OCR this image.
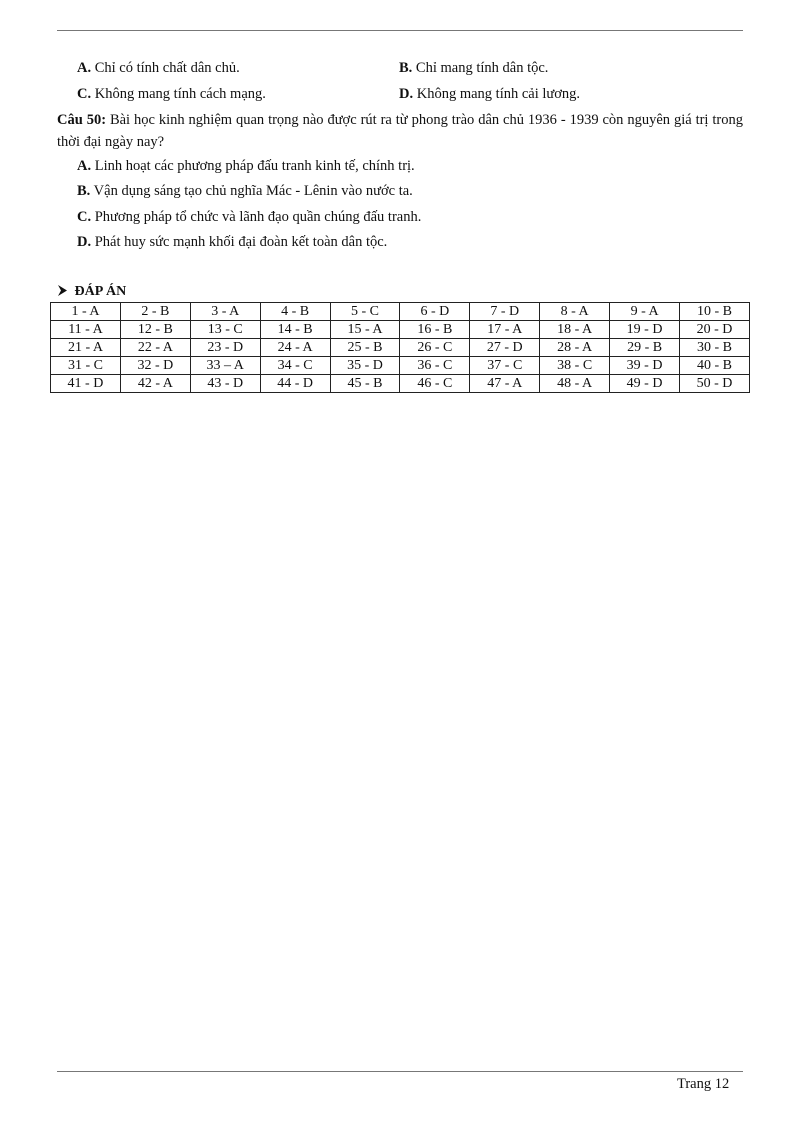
A. Chỉ có tính chất dân chủ.	B. Chỉ mang tính dân tộc.
C. Không mang tính cách mạng.	D. Không mang tính cải lương.
Câu 50: Bài học kinh nghiệm quan trọng nào được rút ra từ phong trào dân chủ 1936 - 1939 còn nguyên giá trị trong thời đại ngày nay?
A. Linh hoạt các phương pháp đấu tranh kinh tế, chính trị.
B. Vận dụng sáng tạo chủ nghĩa Mác - Lênin vào nước ta.
C. Phương pháp tổ chức và lãnh đạo quần chúng đấu tranh.
D. Phát huy sức mạnh khối đại đoàn kết toàn dân tộc.
ĐÁP ÁN
1 - A	2 - B	3 - A	4 - B	5 - C	6 - D	7 - D	8 - A	9 - A	10 - B
11 - A	12 - B	13 - C	14 - B	15 - A	16 - B	17 - A	18 - A	19 - D	20 - D
21 - A	22 - A	23 - D	24 - A	25 - B	26 - C	27 - D	28 - A	29 - B	30 - B
31 - C	32 - D	33 – A	34 - C	35 - D	36 - C	37 - C	38 - C	39 - D	40 - B
41 - D	42 - A	43 - D	44 - D	45 - B	46 - C	47 - A	48 - A	49 - D	50 - D
Trang 12
